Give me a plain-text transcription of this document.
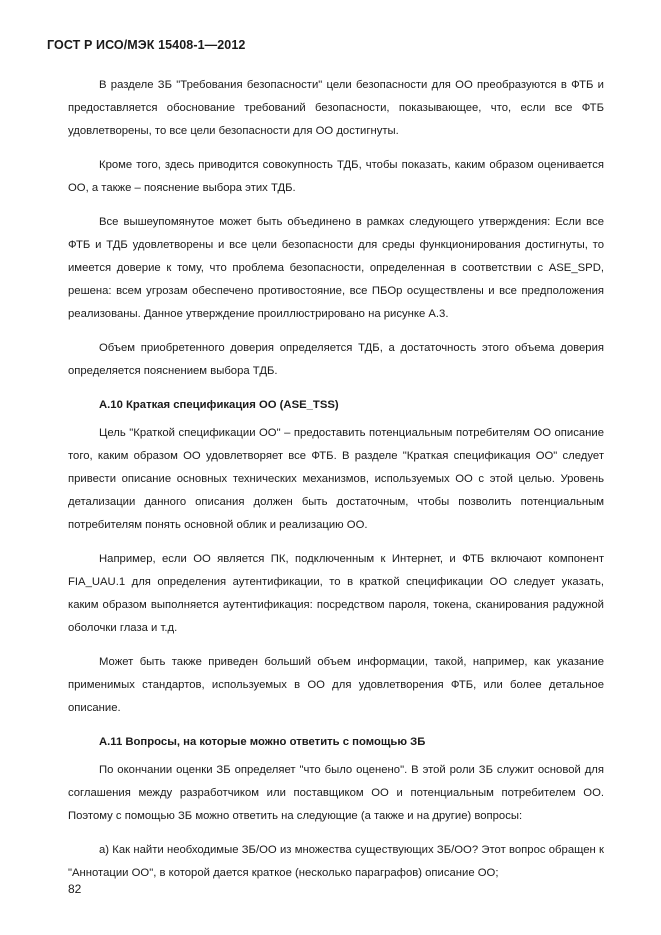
ГОСТ Р ИСО/МЭК 15408-1—2012

В разделе ЗБ "Требования безопасности" цели безопасности для ОО преобразуются в ФТБ и предоставляется обоснование требований безопасности, показывающее, что, если все ФТБ удовлетворены, то все цели безопасности для ОО достигнуты.

Кроме того, здесь приводится совокупность ТДБ, чтобы показать, каким образом оценивается ОО, а также – пояснение выбора этих ТДБ.

Все вышеупомянутое может быть объединено в рамках следующего утверждения: Если все ФТБ и ТДБ удовлетворены и все цели безопасности для среды функционирования достигнуты, то имеется доверие к тому, что проблема безопасности, определенная в соответствии с ASE_SPD, решена: всем угрозам обеспечено противостояние, все ПБОр осуществлены и все предположения реализованы. Данное утверждение проиллюстрировано на рисунке А.3.

Объем приобретенного доверия определяется ТДБ, а достаточность этого объема доверия определяется пояснением выбора ТДБ.

А.10 Краткая спецификация ОО (ASE_TSS)

Цель "Краткой спецификации ОО" – предоставить потенциальным потребителям ОО описание того, каким образом ОО удовлетворяет все ФТБ. В разделе "Краткая спецификация ОО" следует привести описание основных технических механизмов, используемых ОО с этой целью. Уровень детализации данного описания должен быть достаточным, чтобы позволить потенциальным потребителям понять основной облик и реализацию ОО.

Например, если ОО является ПК, подключенным к Интернет, и ФТБ включают компонент FIA_UAU.1 для определения аутентификации, то в краткой спецификации ОО следует указать, каким образом выполняется аутентификация: посредством пароля, токена, сканирования радужной оболочки глаза и т.д.

Может быть также приведен больший объем информации, такой, например, как указание применимых стандартов, используемых в ОО для удовлетворения ФТБ, или более детальное описание.

А.11 Вопросы, на которые можно ответить с помощью ЗБ

По окончании оценки ЗБ определяет "что было оценено". В этой роли ЗБ служит основой для соглашения между разработчиком или поставщиком ОО и потенциальным потребителем ОО. Поэтому с помощью ЗБ можно ответить на следующие (а также и на другие) вопросы:

а) Как найти необходимые ЗБ/ОО из множества существующих ЗБ/ОО? Этот вопрос обращен к "Аннотации ОО", в которой дается краткое (несколько параграфов) описание ОО;

82
